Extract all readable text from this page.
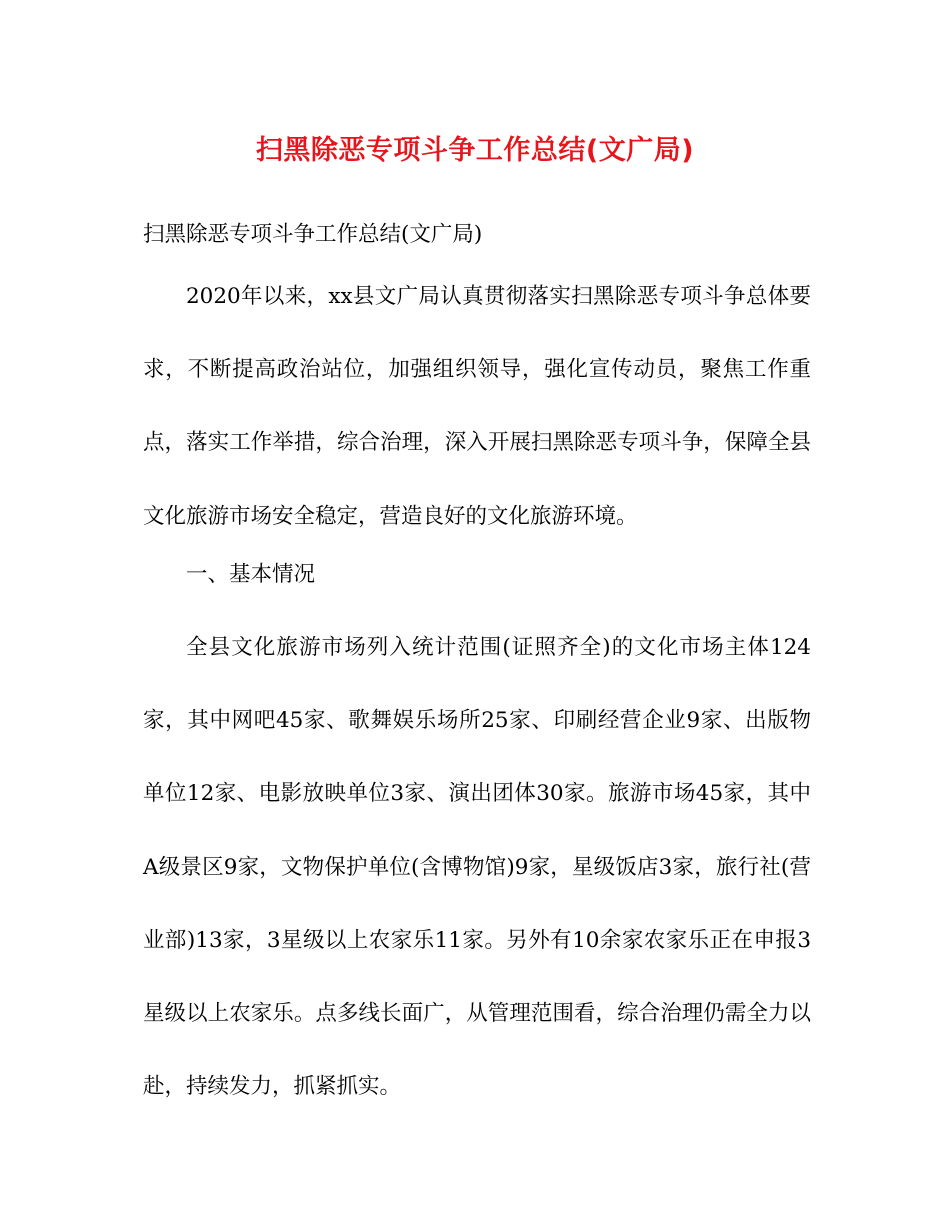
扫黑除恶专项斗争工作总结(文广局)
扫黑除恶专项斗争工作总结(文广局)

2020年以来，xx县文广局认真贯彻落实扫黑除恶专项斗争总体要求，不断提高政治站位，加强组织领导，强化宣传动员，聚焦工作重点，落实工作举措，综合治理，深入开展扫黑除恶专项斗争，保障全县文化旅游市场安全稳定，营造良好的文化旅游环境。

一、基本情况

全县文化旅游市场列入统计范围(证照齐全)的文化市场主体124家，其中网吧45家、歌舞娱乐场所25家、印刷经营企业9家、出版物单位12家、电影放映单位3家、演出团体30家。旅游市场45家，其中A级景区9家，文物保护单位(含博物馆)9家，星级饭店3家，旅行社(营业部)13家，3星级以上农家乐11家。另外有10余家农家乐正在申报3星级以上农家乐。点多线长面广，从管理范围看，综合治理仍需全力以赴，持续发力，抓紧抓实。
